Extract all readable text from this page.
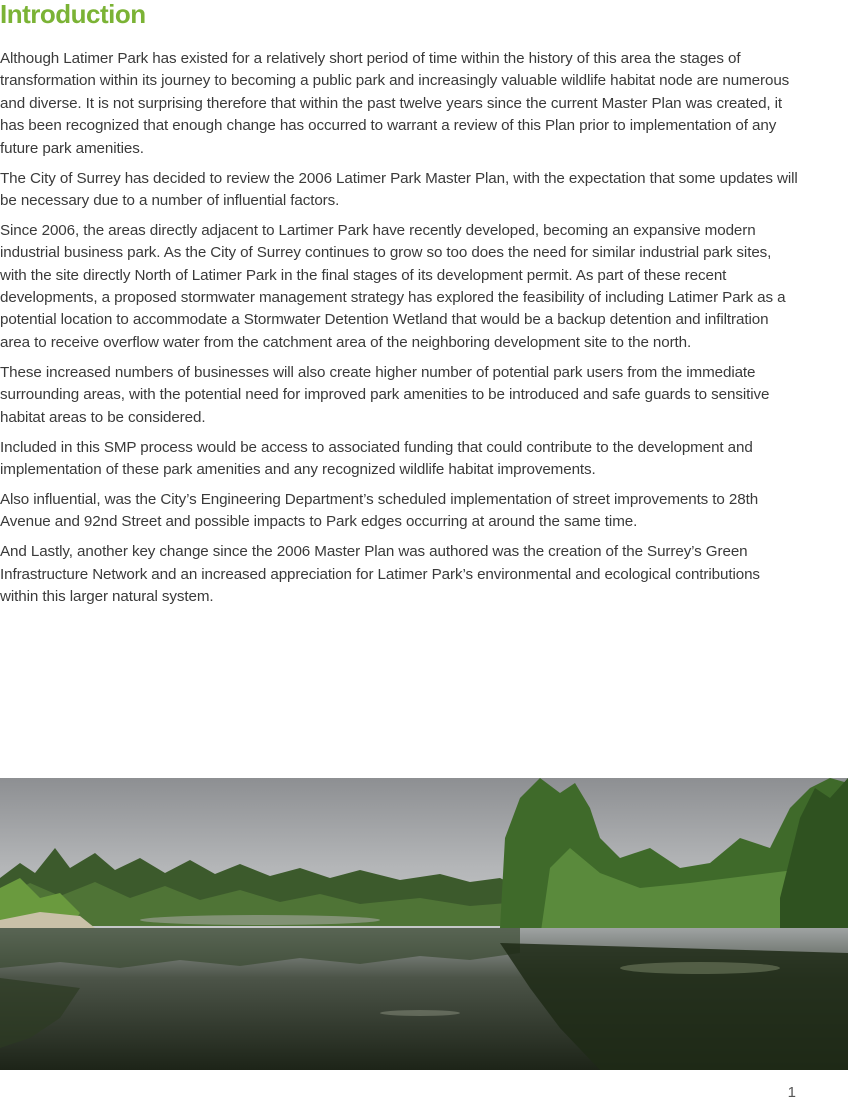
Introduction

Although Latimer Park has existed for a relatively short period of time within the history of this area the stages of transformation within its journey to becoming a public park and increasingly valuable wildlife habitat node are numerous and diverse. It is not surprising therefore that within the past twelve years since the current Master Plan was created, it has been recognized that enough change has occurred to warrant a review of this Plan prior to implementation of any future park amenities.

The City of Surrey has decided to review the 2006 Latimer Park Master Plan, with the expectation that some updates will be necessary due to a number of influential factors.

Since 2006, the areas directly adjacent to Lartimer Park have recently developed, becoming an expansive modern industrial business park. As the City of Surrey continues to grow so too does the need for similar industrial park sites, with the site directly North of Latimer Park in the final stages of its development permit. As part of these recent developments, a proposed stormwater management strategy has explored the feasibility of including Latimer Park as a potential location to accommodate a Stormwater Detention Wetland that would be a backup detention and infiltration area to receive overflow water from the catchment area of the neighboring development site to the north.

These increased numbers of businesses will also create higher number of potential park users from the immediate surrounding areas, with the potential need for improved park amenities to be introduced and safe guards to sensitive habitat areas to be considered.

Included in this SMP process would be access to associated funding that could contribute to the development and implementation of these park amenities and any recognized wildlife habitat improvements.

Also influential, was the City’s Engineering Department’s scheduled implementation of street improvements to 28th Avenue and 92nd Street and possible impacts to Park edges occurring at around the same time.

And Lastly, another key change since the 2006 Master Plan was authored was the creation of the Surrey’s Green Infrastructure Network and an increased appreciation for Latimer Park’s environmental and ecological contributions within this larger natural system.

1
